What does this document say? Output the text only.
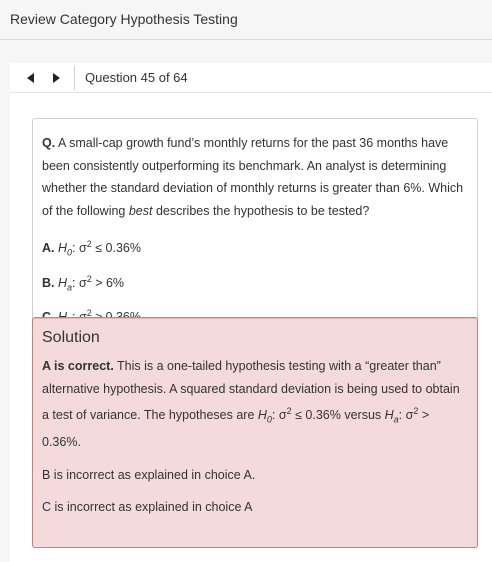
Review Category Hypothesis Testing
Question 45 of 64
Q. A small-cap growth fund’s monthly returns for the past 36 months have been consistently outperforming its benchmark. An analyst is determining whether the standard deviation of monthly returns is greater than 6%. Which of the following best describes the hypothesis to be tested?
A. $H_0$: $\sigma^2 \le 0.36\%$
B. $H_a$: $\sigma^2 > 6\%$
$^2$
Solution
A is correct. This is a one-tailed hypothesis testing with a “greater than” alternative hypothesis. A squared standard deviation is being used to obtain a test of variance. The hypotheses are $H_0$: $\sigma^2 \le 0.36\%$ versus $H_a$: $\sigma^2 > 0.36\%$.
B is incorrect as explained in choice A.
C is incorrect as explained in choice A
